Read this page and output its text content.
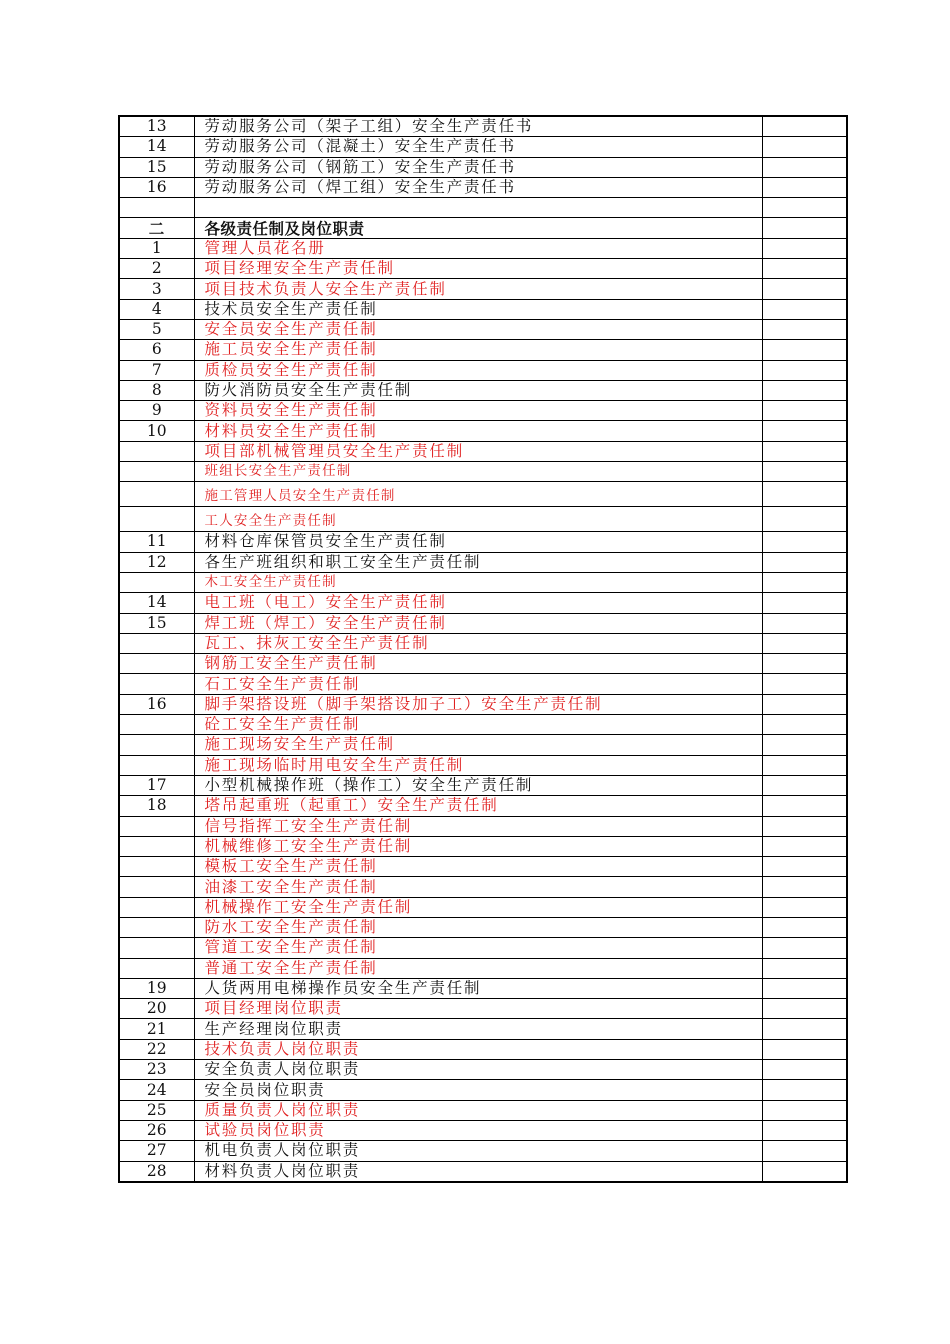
13	劳动服务公司（架子工组）安全生产责任书	
14	劳动服务公司（混凝土）安全生产责任书	
15	劳动服务公司（钢筋工）安全生产责任书	
16	劳动服务公司（焊工组）安全生产责任书	

二	各级责任制及岗位职责	
1	管理人员花名册	
2	项目经理安全生产责任制	
3	项目技术负责人安全生产责任制	
4	技术员安全生产责任制	
5	安全员安全生产责任制	
6	施工员安全生产责任制	
7	质检员安全生产责任制	
8	防火消防员安全生产责任制	
9	资料员安全生产责任制	
10	材料员安全生产责任制	
	项目部机械管理员安全生产责任制	
	班组长安全生产责任制	
	施工管理人员安全生产责任制	
	工人安全生产责任制	
11	材料仓库保管员安全生产责任制	
12	各生产班组织和职工安全生产责任制	
	木工安全生产责任制	
14	电工班（电工）安全生产责任制	
15	焊工班（焊工）安全生产责任制	
	瓦工、抹灰工安全生产责任制	
	钢筋工安全生产责任制	
	石工安全生产责任制	
16	脚手架搭设班（脚手架搭设加子工）安全生产责任制	
	砼工安全生产责任制	
	施工现场安全生产责任制	
	施工现场临时用电安全生产责任制	
17	小型机械操作班（操作工）安全生产责任制	
18	塔吊起重班（起重工）安全生产责任制	
	信号指挥工安全生产责任制	
	机械维修工安全生产责任制	
	模板工安全生产责任制	
	油漆工安全生产责任制	
	机械操作工安全生产责任制	
	防水工安全生产责任制	
	管道工安全生产责任制	
	普通工安全生产责任制	
19	人货两用电梯操作员安全生产责任制	
20	项目经理岗位职责	
21	生产经理岗位职责	
22	技术负责人岗位职责	
23	安全负责人岗位职责	
24	安全员岗位职责	
25	质量负责人岗位职责	
26	试验员岗位职责	
27	机电负责人岗位职责	
28	材料负责人岗位职责	
